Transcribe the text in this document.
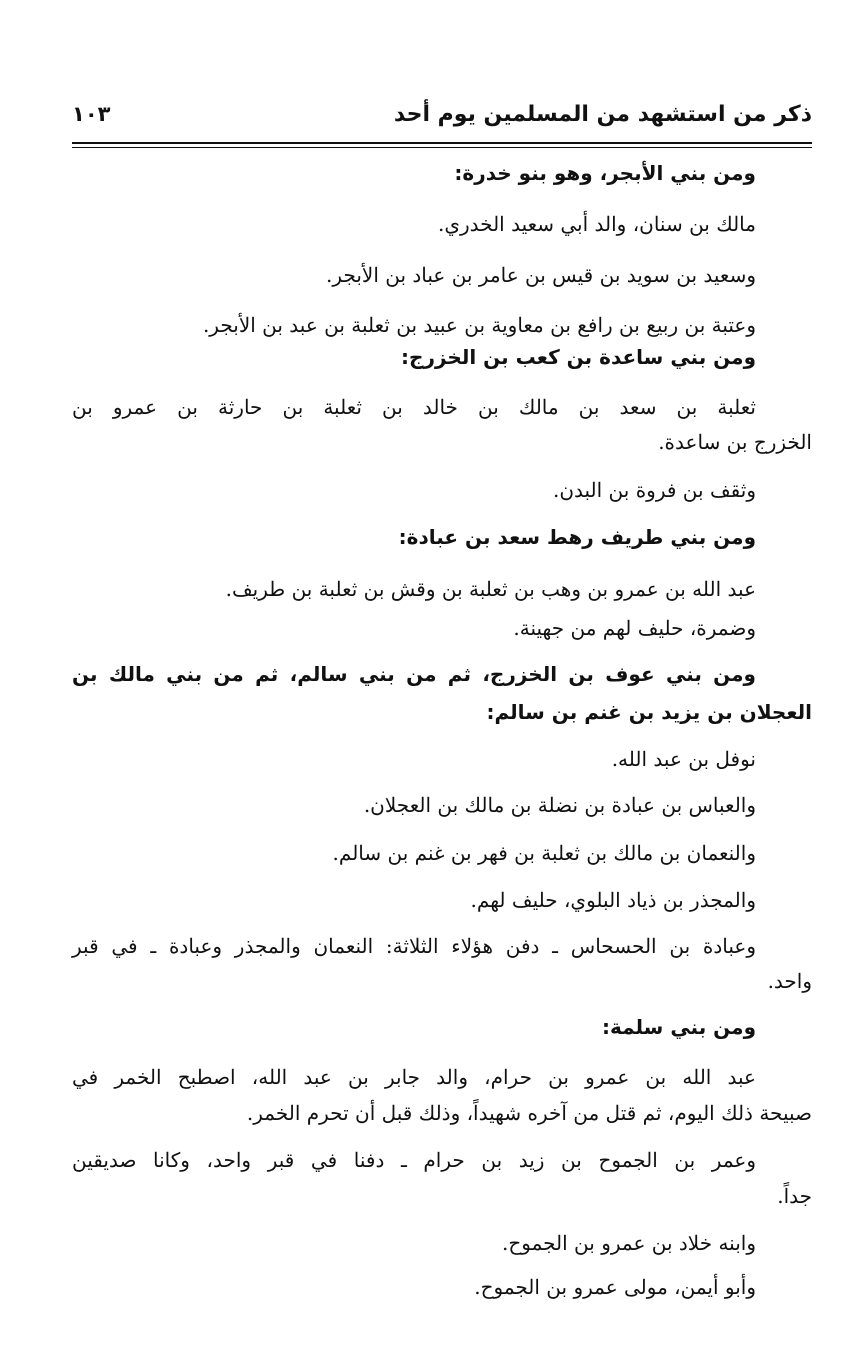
ذكر من استشهد من المسلمين يوم أحد
١٠٣
ومن بني الأبجر، وهو بنو خدرة:
مالك بن سنان، والد أبي سعيد الخدري.
وسعيد بن سويد بن قيس بن عامر بن عباد بن الأبجر.
وعتبة بن ربيع بن رافع بن معاوية بن عبيد بن ثعلبة بن عبد بن الأبجر.
ومن بني ساعدة بن كعب بن الخزرج:
ثعلبة بن سعد بن مالك بن خالد بن ثعلبة بن حارثة بن عمرو بن
الخزرج بن ساعدة.
وثقف بن فروة بن البدن.
ومن بني طريف رهط سعد بن عبادة:
عبد الله بن عمرو بن وهب بن ثعلبة بن وقش بن ثعلبة بن طريف.
وضمرة، حليف لهم من جهينة.
ومن بني عوف بن الخزرج، ثم من بني سالم، ثم من بني مالك بن
العجلان بن يزيد بن غنم بن سالم:
نوفل بن عبد الله.
والعباس بن عبادة بن نضلة بن مالك بن العجلان.
والنعمان بن مالك بن ثعلبة بن فهر بن غنم بن سالم.
والمجذر بن ذياد البلوي، حليف لهم.
وعبادة بن الحسحاس ـ دفن هؤلاء الثلاثة: النعمان والمجذر وعبادة ـ في قبر
واحد.
ومن بني سلمة:
عبد الله بن عمرو بن حرام، والد جابر بن عبد الله، اصطبح الخمر في
صبيحة ذلك اليوم، ثم قتل من آخره شهيداً، وذلك قبل أن تحرم الخمر.
وعمر بن الجموح بن زيد بن حرام ـ دفنا في قبر واحد، وكانا صديقين
جداً.
وابنه خلاد بن عمرو بن الجموح.
وأبو أيمن، مولى عمرو بن الجموح.
